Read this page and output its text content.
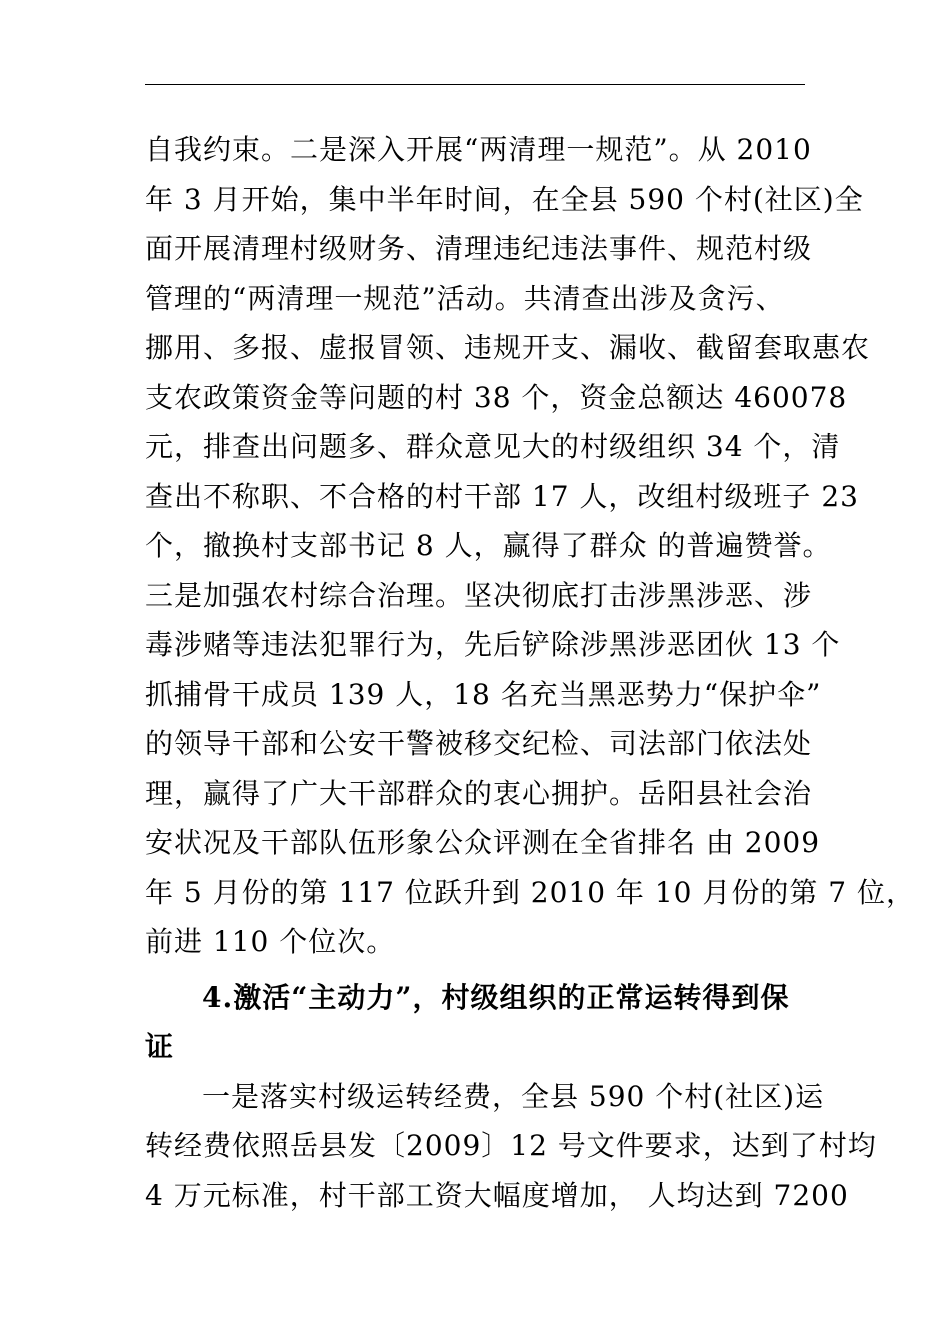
自我约束。二是深入开展“两清理一规范”。从 2010
年 3 月开始，集中半年时间，在全县 590 个村(社区)全
面开展清理村级财务、清理违纪违法事件、规范村级
管理的“两清理一规范”活动。共清查出涉及贪污、
挪用、多报、虚报冒领、违规开支、漏收、截留套取惠农
支农政策资金等问题的村 38 个，资金总额达 460078
元，排查出问题多、群众意见大的村级组织 34 个，清
查出不称职、不合格的村干部 17 人，改组村级班子 23
个，撤换村支部书记 8 人，赢得了群众 的普遍赞誉。
三是加强农村综合治理。坚决彻底打击涉黑涉恶、涉
毒涉赌等违法犯罪行为，先后铲除涉黑涉恶团伙 13 个
抓捕骨干成员 139 人，18 名充当黑恶势力“保护伞”
的领导干部和公安干警被移交纪检、司法部门依法处
理，赢得了广大干部群众的衷心拥护。岳阳县社会治
安状况及干部队伍形象公众评测在全省排名 由 2009
年 5 月份的第 117 位跃升到 2010 年 10 月份的第 7 位，
前进 110 个位次。
4.激活“主动力”，村级组织的正常运转得到保
证
一是落实村级运转经费，全县 590 个村(社区)运
转经费依照岳县发〔2009〕12 号文件要求，达到了村均
4 万元标准，村干部工资大幅度增加， 人均达到 7200
